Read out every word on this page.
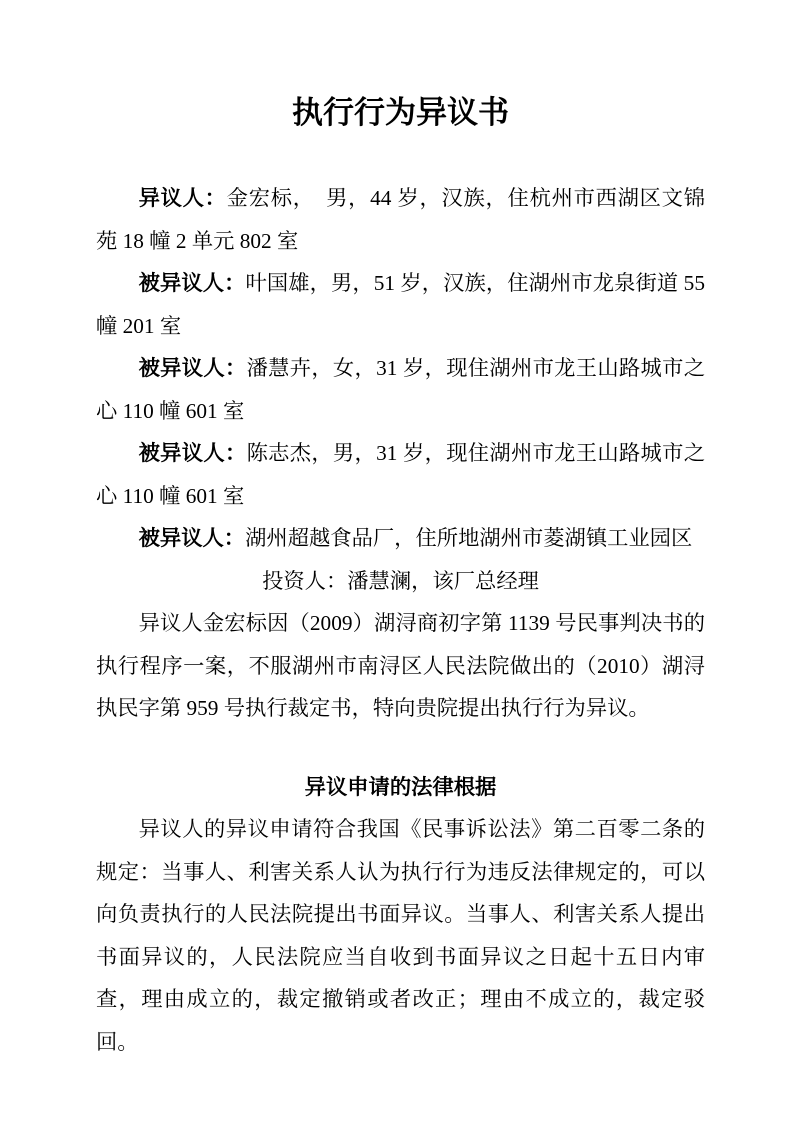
执行行为异议书

异议人：金宏标，　男，44 岁，汉族，住杭州市西湖区文锦苑 18 幢 2 单元 802 室

被异议人：叶国雄，男，51 岁，汉族，住湖州市龙泉街道 55 幢 201 室

被异议人：潘慧卉，女，31 岁，现住湖州市龙王山路城市之心 110 幢 601 室

被异议人：陈志杰，男，31 岁，现住湖州市龙王山路城市之心 110 幢 601 室

被异议人：湖州超越食品厂，住所地湖州市菱湖镇工业园区

投资人：潘慧澜，该厂总经理

异议人金宏标因（2009）湖浔商初字第 1139 号民事判决书的执行程序一案，不服湖州市南浔区人民法院做出的（2010）湖浔执民字第 959 号执行裁定书，特向贵院提出执行行为异议。

异议申请的法律根据

异议人的异议申请符合我国《民事诉讼法》第二百零二条的规定：当事人、利害关系人认为执行行为违反法律规定的，可以向负责执行的人民法院提出书面异议。当事人、利害关系人提出书面异议的，人民法院应当自收到书面异议之日起十五日内审查，理由成立的，裁定撤销或者改正；理由不成立的，裁定驳回。
